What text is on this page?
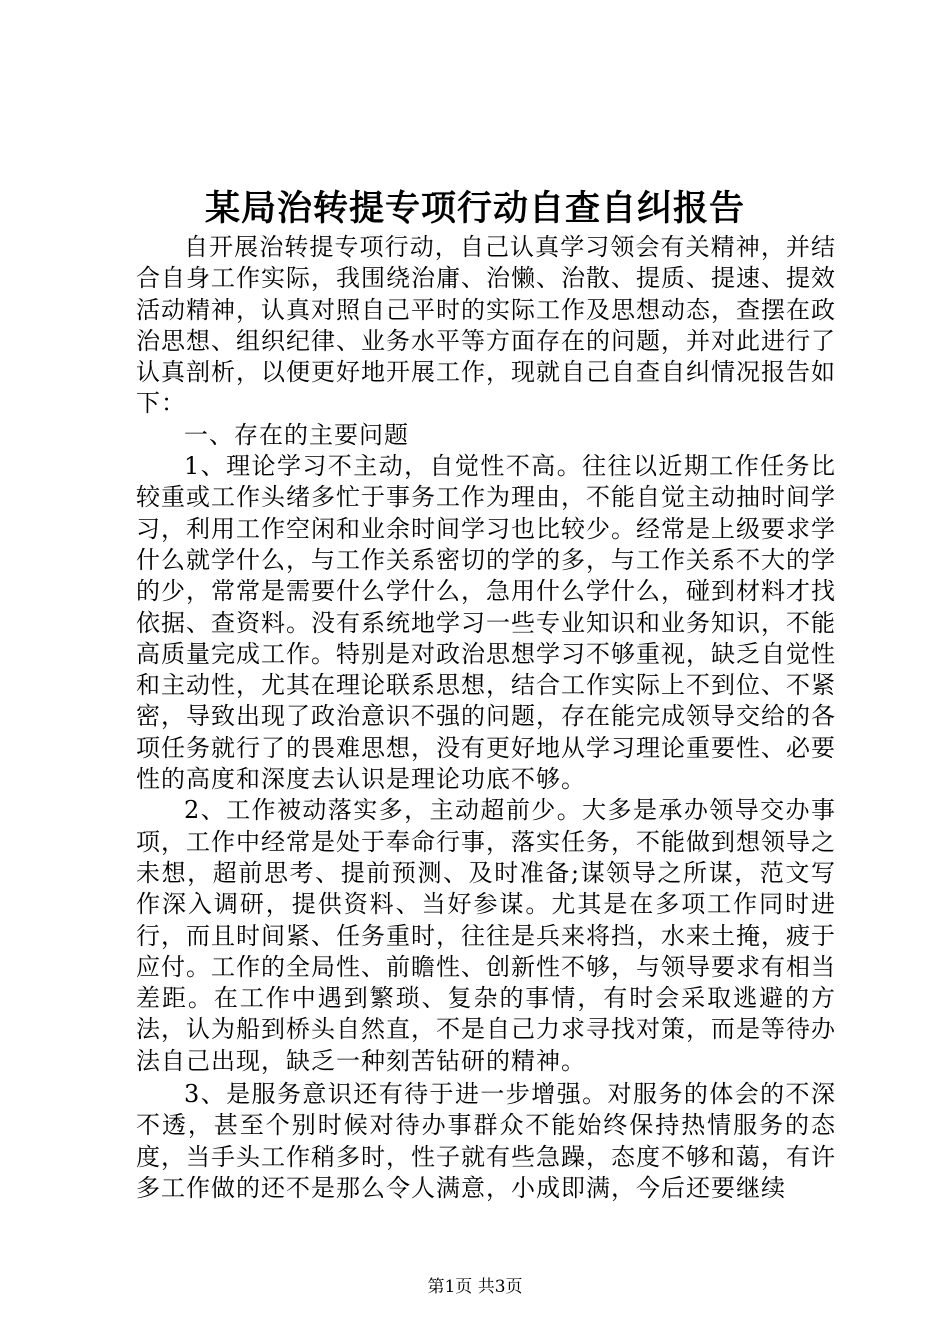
某局治转提专项行动自查自纠报告

自开展治转提专项行动，自己认真学习领会有关精神，并结合自身工作实际，我围绕治庸、治懒、治散、提质、提速、提效活动精神，认真对照自己平时的实际工作及思想动态，查摆在政治思想、组织纪律、业务水平等方面存在的问题，并对此进行了认真剖析，以便更好地开展工作，现就自己自查自纠情况报告如下：

一、存在的主要问题

1、理论学习不主动，自觉性不高。往往以近期工作任务比较重或工作头绪多忙于事务工作为理由，不能自觉主动抽时间学习，利用工作空闲和业余时间学习也比较少。经常是上级要求学什么就学什么，与工作关系密切的学的多，与工作关系不大的学的少，常常是需要什么学什么，急用什么学什么，碰到材料才找依据、查资料。没有系统地学习一些专业知识和业务知识，不能高质量完成工作。特别是对政治思想学习不够重视，缺乏自觉性和主动性，尤其在理论联系思想，结合工作实际上不到位、不紧密，导致出现了政治意识不强的问题，存在能完成领导交给的各项任务就行了的畏难思想，没有更好地从学习理论重要性、必要性的高度和深度去认识是理论功底不够。

2、工作被动落实多，主动超前少。大多是承办领导交办事项，工作中经常是处于奉命行事，落实任务，不能做到想领导之未想，超前思考、提前预测、及时准备;谋领导之所谋，范文写作深入调研，提供资料、当好参谋。尤其是在多项工作同时进行，而且时间紧、任务重时，往往是兵来将挡，水来土掩，疲于应付。工作的全局性、前瞻性、创新性不够，与领导要求有相当差距。在工作中遇到繁琐、复杂的事情，有时会采取逃避的方法，认为船到桥头自然直，不是自己力求寻找对策，而是等待办法自己出现，缺乏一种刻苦钻研的精神。

3、是服务意识还有待于进一步增强。对服务的体会的不深不透，甚至个别时候对待办事群众不能始终保持热情服务的态度，当手头工作稍多时，性子就有些急躁，态度不够和蔼，有许多工作做的还不是那么令人满意，小成即满，今后还要继续

第1页 共3页
